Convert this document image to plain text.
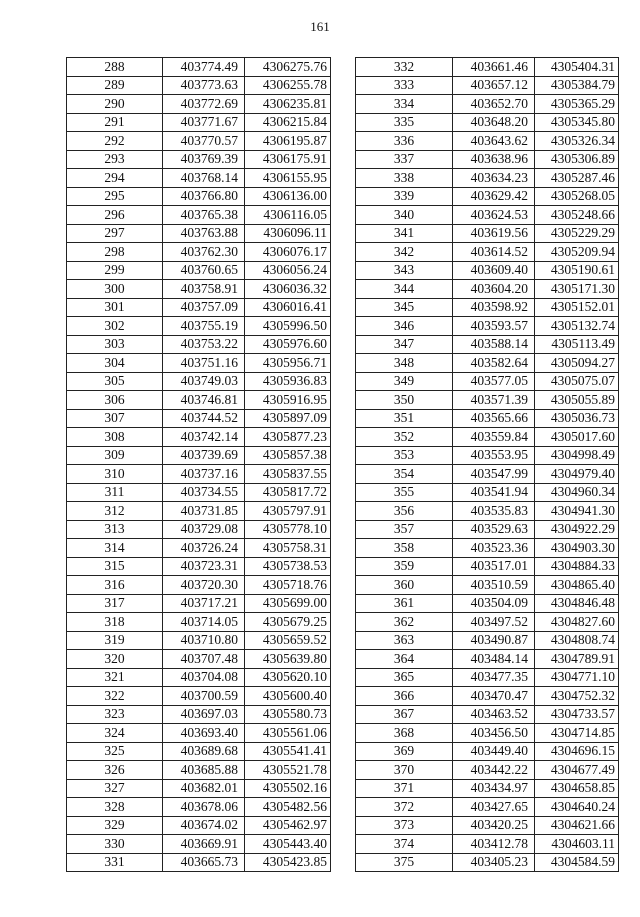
161
288	403774.49	4306275.76
289	403773.63	4306255.78
290	403772.69	4306235.81
291	403771.67	4306215.84
292	403770.57	4306195.87
293	403769.39	4306175.91
294	403768.14	4306155.95
295	403766.80	4306136.00
296	403765.38	4306116.05
297	403763.88	4306096.11
298	403762.30	4306076.17
299	403760.65	4306056.24
300	403758.91	4306036.32
301	403757.09	4306016.41
302	403755.19	4305996.50
303	403753.22	4305976.60
304	403751.16	4305956.71
305	403749.03	4305936.83
306	403746.81	4305916.95
307	403744.52	4305897.09
308	403742.14	4305877.23
309	403739.69	4305857.38
310	403737.16	4305837.55
311	403734.55	4305817.72
312	403731.85	4305797.91
313	403729.08	4305778.10
314	403726.24	4305758.31
315	403723.31	4305738.53
316	403720.30	4305718.76
317	403717.21	4305699.00
318	403714.05	4305679.25
319	403710.80	4305659.52
320	403707.48	4305639.80
321	403704.08	4305620.10
322	403700.59	4305600.40
323	403697.03	4305580.73
324	403693.40	4305561.06
325	403689.68	4305541.41
326	403685.88	4305521.78
327	403682.01	4305502.16
328	403678.06	4305482.56
329	403674.02	4305462.97
330	403669.91	4305443.40
331	403665.73	4305423.85
332	403661.46	4305404.31
333	403657.12	4305384.79
334	403652.70	4305365.29
335	403648.20	4305345.80
336	403643.62	4305326.34
337	403638.96	4305306.89
338	403634.23	4305287.46
339	403629.42	4305268.05
340	403624.53	4305248.66
341	403619.56	4305229.29
342	403614.52	4305209.94
343	403609.40	4305190.61
344	403604.20	4305171.30
345	403598.92	4305152.01
346	403593.57	4305132.74
347	403588.14	4305113.49
348	403582.64	4305094.27
349	403577.05	4305075.07
350	403571.39	4305055.89
351	403565.66	4305036.73
352	403559.84	4305017.60
353	403553.95	4304998.49
354	403547.99	4304979.40
355	403541.94	4304960.34
356	403535.83	4304941.30
357	403529.63	4304922.29
358	403523.36	4304903.30
359	403517.01	4304884.33
360	403510.59	4304865.40
361	403504.09	4304846.48
362	403497.52	4304827.60
363	403490.87	4304808.74
364	403484.14	4304789.91
365	403477.35	4304771.10
366	403470.47	4304752.32
367	403463.52	4304733.57
368	403456.50	4304714.85
369	403449.40	4304696.15
370	403442.22	4304677.49
371	403434.97	4304658.85
372	403427.65	4304640.24
373	403420.25	4304621.66
374	403412.78	4304603.11
375	403405.23	4304584.59
